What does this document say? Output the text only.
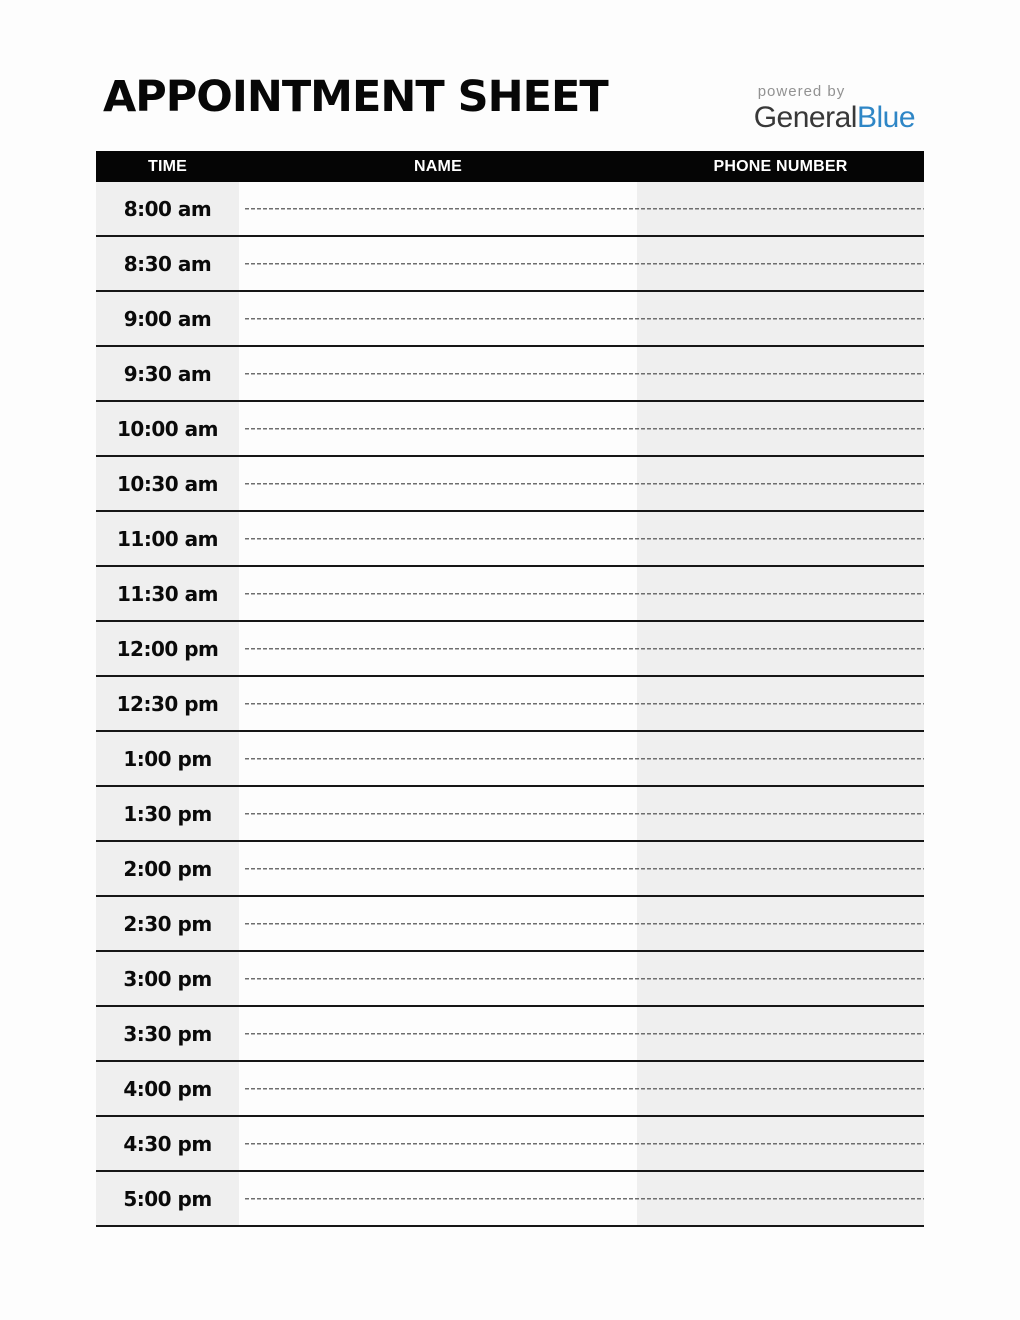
APPOINTMENT SHEET	powered by
GeneralBlue
TIME	NAME	PHONE NUMBER
8:00 am
8:30 am
9:00 am
9:30 am
10:00 am
10:30 am
11:00 am
11:30 am
12:00 pm
12:30 pm
1:00 pm
1:30 pm
2:00 pm
2:30 pm
3:00 pm
3:30 pm
4:00 pm
4:30 pm
5:00 pm
